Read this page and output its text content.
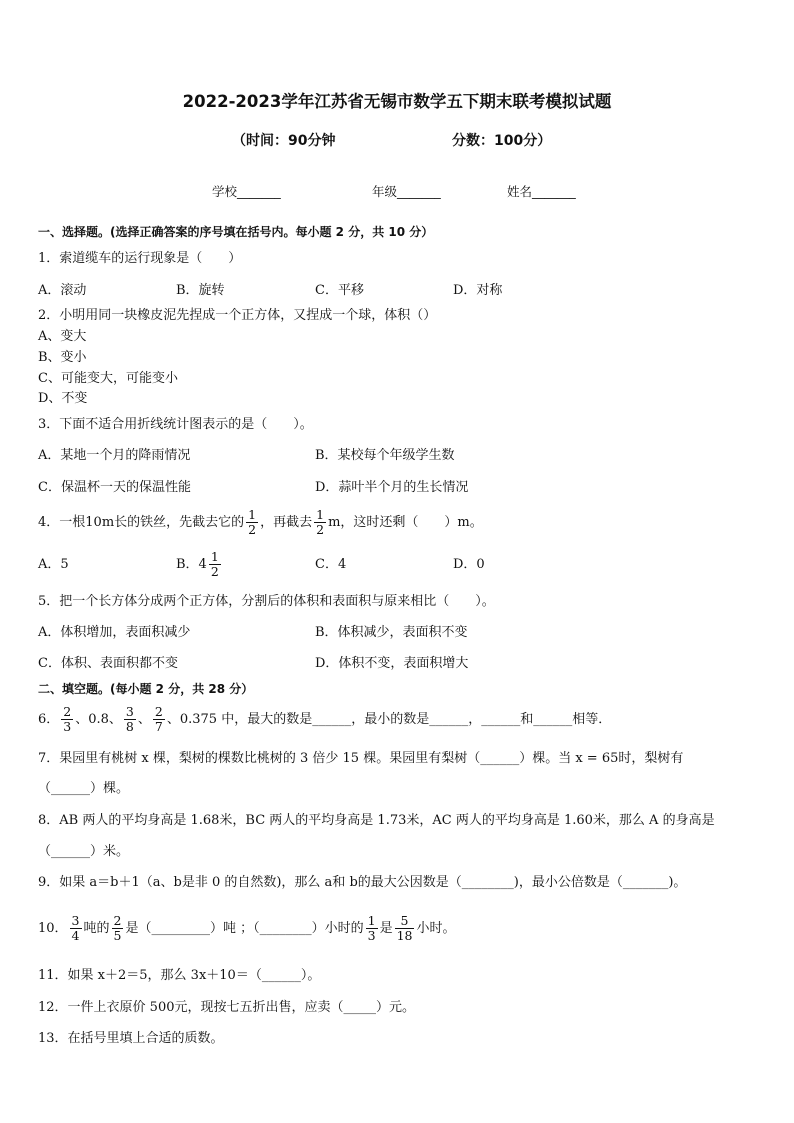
2022-2023学年江苏省无锡市数学五下期末联考模拟试题
（时间：90分钟	分数：100分）
学校_______	年级_______	姓名_______
一、选择题。(选择正确答案的序号填在括号内。每小题 2 分，共 10 分）
1．索道缆车的运行现象是（　　）
A．滚动	B．旋转	C．平移	D．对称
2．小明用同一块橡皮泥先捏成一个正方体，又捏成一个球，体积（）
A、变大
B、变小
C、可能变大，可能变小
D、不变
3．下面不适合用折线统计图表示的是（　　）。
A．某地一个月的降雨情况	B．某校每个年级学生数
C．保温杯一天的保温性能	D．蒜叶半个月的生长情况
4．一根10m长的铁丝，先截去它的 $\frac{1}{2}$ ，再截去 $\frac{1}{2}$ m，这时还剩（　　）m。
A．5	B．$4 \frac{1}{2}$	C．4	D．0
5．把一个长方体分成两个正方体，分割后的体积和表面积与原来相比（　　）。
A．体积增加，表面积减少	B．体积减少，表面积不变
C．体积、表面积都不变	D．体积不变，表面积增大
二、填空题。(每小题 2 分，共 28 分）
6． $\frac{2}{3}$ 、0.8、 $\frac{3}{8}$ 、 $\frac{2}{7}$ 、0.375 中，最大的数是______，最小的数是______，______和______相等．
7．果园里有桃树 x 棵，梨树的棵数比桃树的 3 倍少 15 棵。果园里有梨树（______）棵。当 x = 65时，梨树有
（______）棵。
8．AB 两人的平均身高是 1.68米，BC 两人的平均身高是 1.73米，AC 两人的平均身高是 1.60米，那么 A 的身高是
（______）米。
9．如果 a＝b＋1（a、b是非 0 的自然数)，那么 a和 b的最大公因数是（________)，最小公倍数是（_______)。
10． $\frac{3}{4}$ 吨的 $\frac{2}{5}$ 是（_________）吨 ；（________）小时的 $\frac{1}{3}$ 是 $\frac{5}{18}$ 小时。
11．如果 x＋2＝5，那么 3x＋10＝（______）。
12．一件上衣原价 500元，现按七五折出售，应卖（_____）元。
13．在括号里填上合适的质数。
